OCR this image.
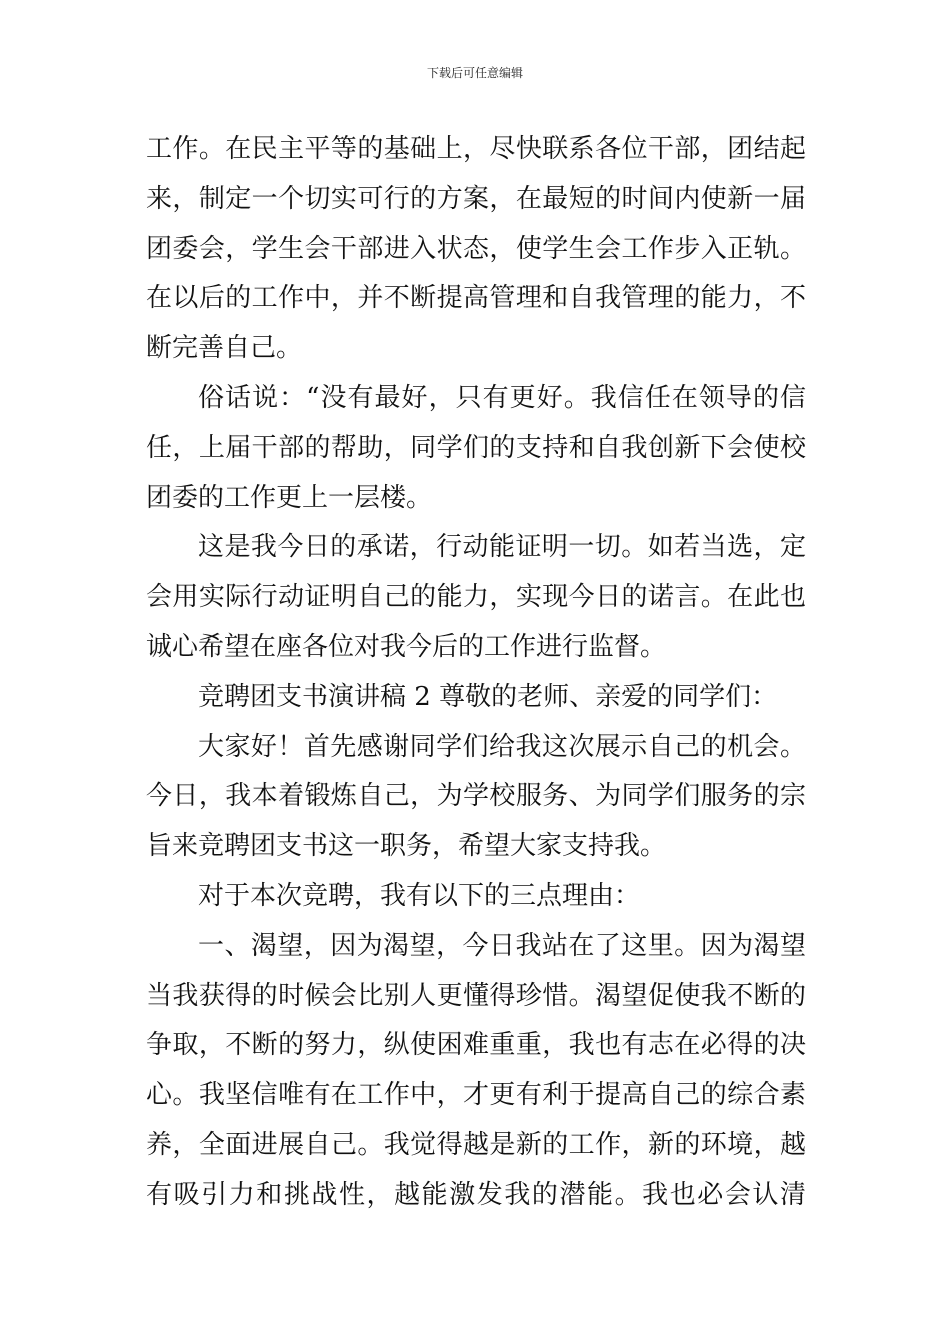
下载后可任意编辑
工作。在民主平等的基础上，尽快联系各位干部，团结起
来，制定一个切实可行的方案，在最短的时间内使新一届
团委会，学生会干部进入状态，使学生会工作步入正轨。
在以后的工作中，并不断提高管理和自我管理的能力，不
断完善自己。
俗话说：“没有最好，只有更好。我信任在领导的信
任，上届干部的帮助，同学们的支持和自我创新下会使校
团委的工作更上一层楼。
这是我今日的承诺，行动能证明一切。如若当选，定
会用实际行动证明自己的能力，实现今日的诺言。在此也
诚心希望在座各位对我今后的工作进行监督。
竞聘团支书演讲稿 2 尊敬的老师、亲爱的同学们：
大家好！首先感谢同学们给我这次展示自己的机会。
今日，我本着锻炼自己，为学校服务、为同学们服务的宗
旨来竞聘团支书这一职务，希望大家支持我。
对于本次竞聘，我有以下的三点理由：
一、渴望，因为渴望，今日我站在了这里。因为渴望
当我获得的时候会比别人更懂得珍惜。渴望促使我不断的
争取，不断的努力，纵使困难重重，我也有志在必得的决
心。我坚信唯有在工作中，才更有利于提高自己的综合素
养，全面进展自己。我觉得越是新的工作，新的环境，越
有吸引力和挑战性，越能激发我的潜能。我也必会认清
